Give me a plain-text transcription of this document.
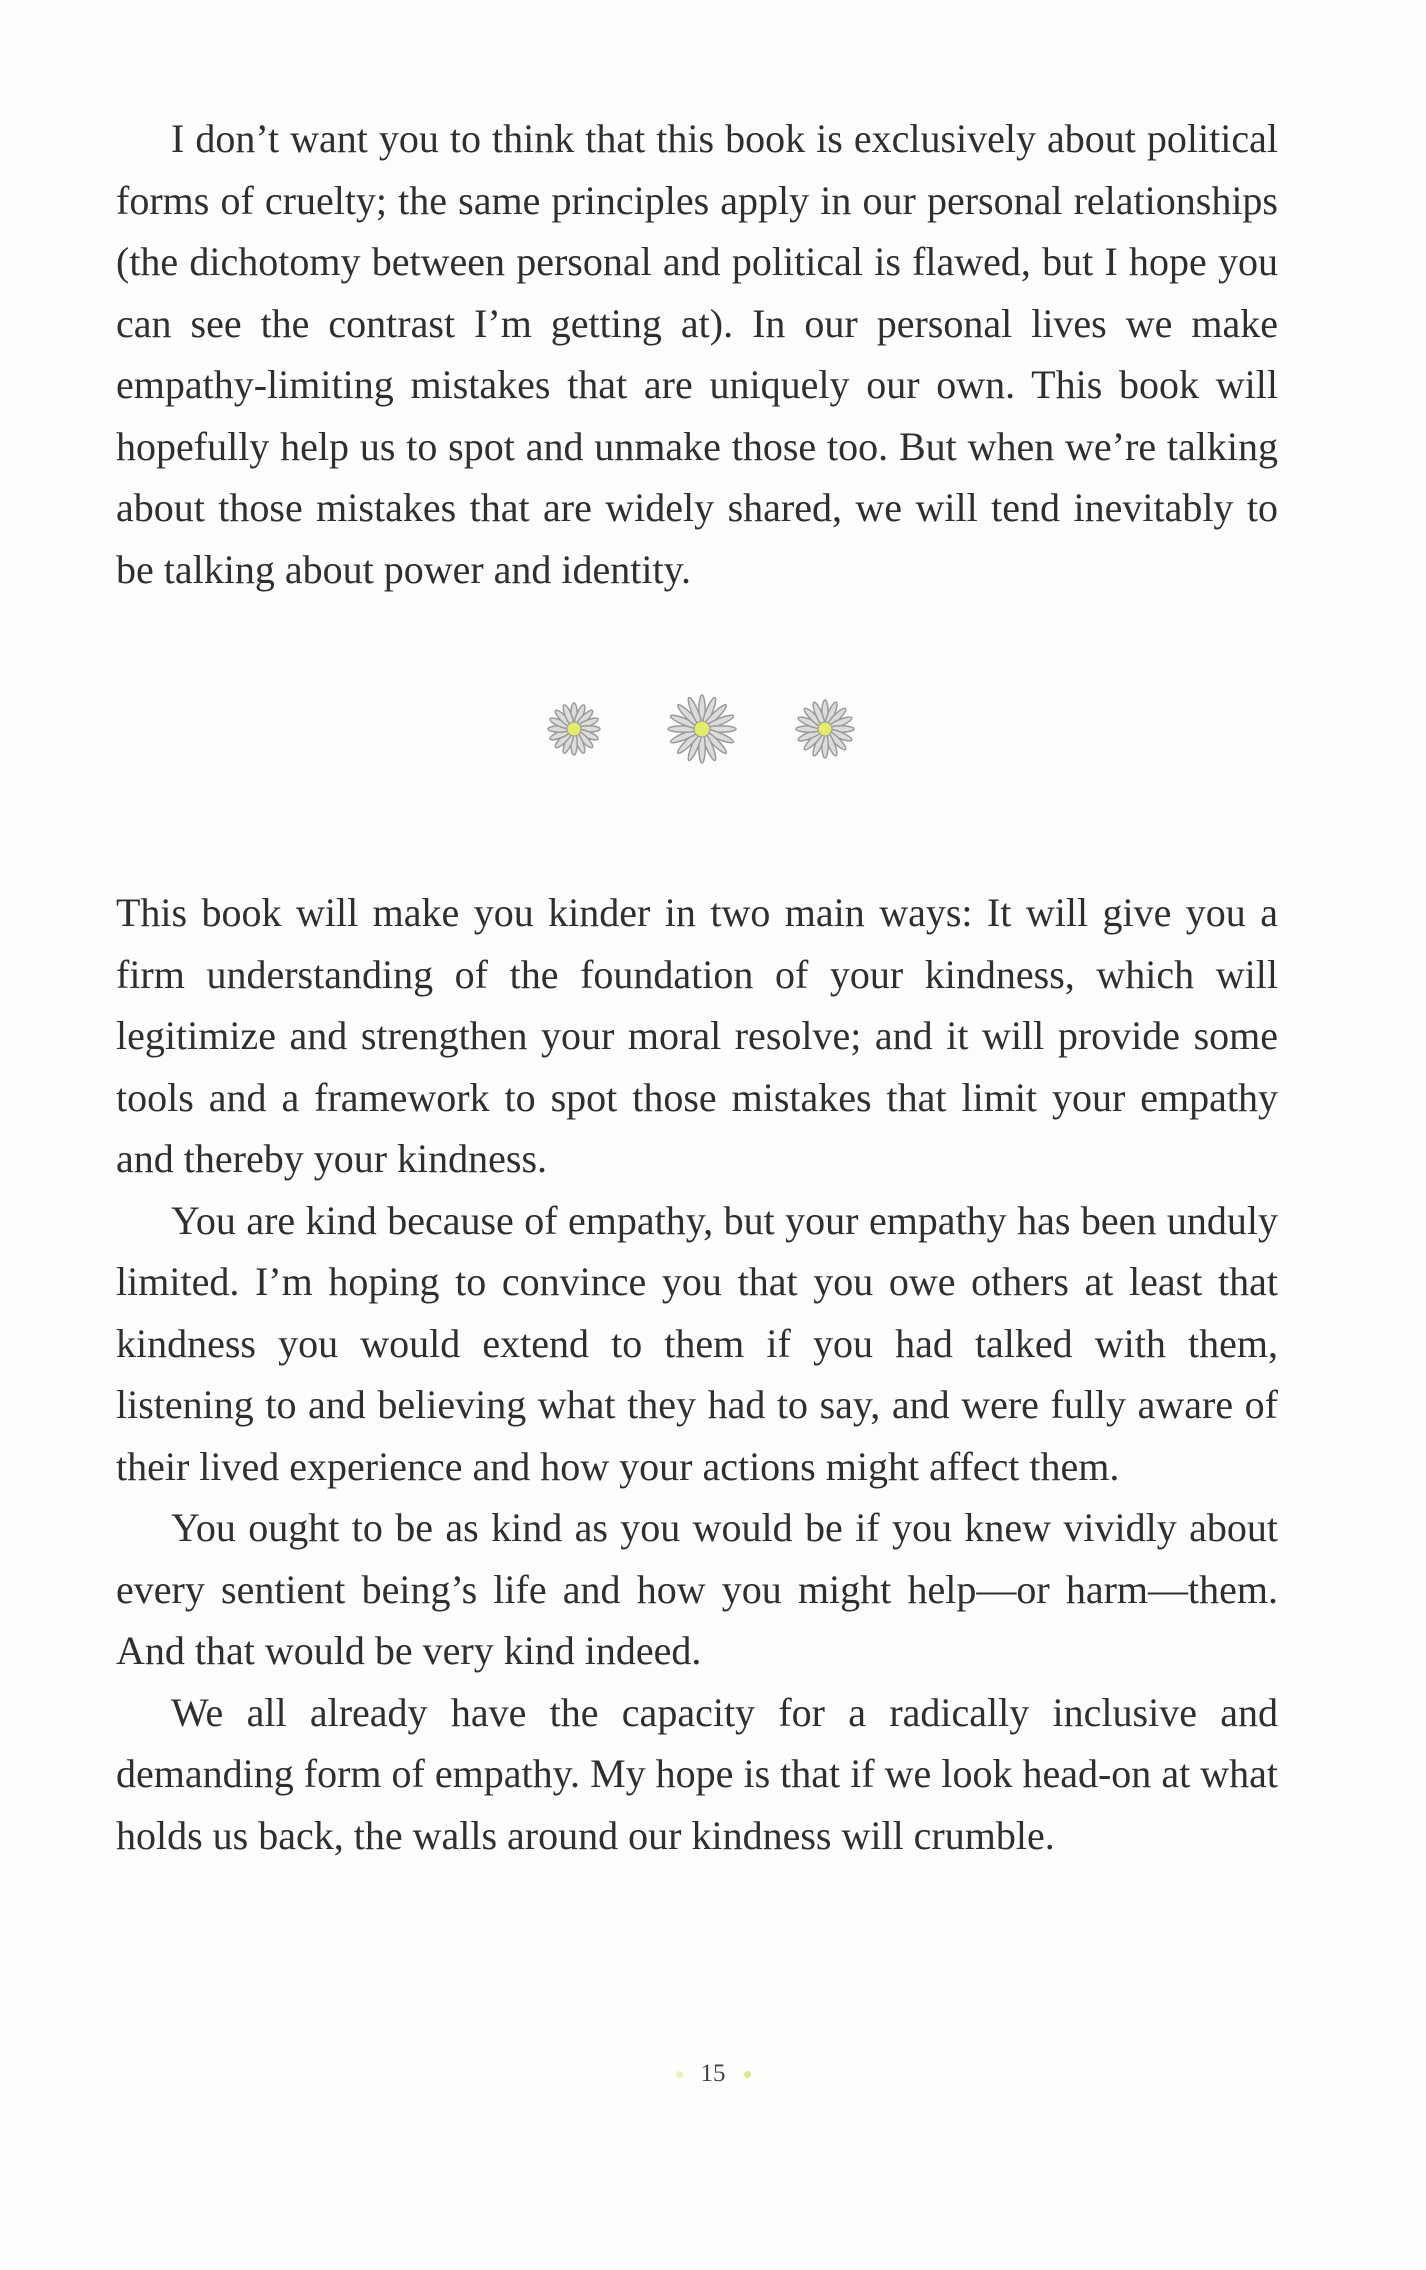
I don’t want you to think that this book is exclusively about political forms of cruelty; the same principles apply in our personal relationships (the dichotomy between personal and political is flawed, but I hope you can see the contrast I’m getting at). In our personal lives we make empathy-limiting mistakes that are uniquely our own. This book will hopefully help us to spot and unmake those too. But when we’re talking about those mistakes that are widely shared, we will tend inevitably to be talking about power and identity.

This book will make you kinder in two main ways: It will give you a firm understanding of the foundation of your kindness, which will legitimize and strengthen your moral resolve; and it will provide some tools and a framework to spot those mistakes that limit your empathy and thereby your kindness.

You are kind because of empathy, but your empathy has been unduly limited. I’m hoping to convince you that you owe others at least that kindness you would extend to them if you had talked with them, listening to and believing what they had to say, and were fully aware of their lived experience and how your actions might affect them.

You ought to be as kind as you would be if you knew vividly about every sentient being’s life and how you might help—or harm—them. And that would be very kind indeed.

We all already have the capacity for a radically inclusive and demanding form of empathy. My hope is that if we look head-on at what holds us back, the walls around our kindness will crumble.

15
